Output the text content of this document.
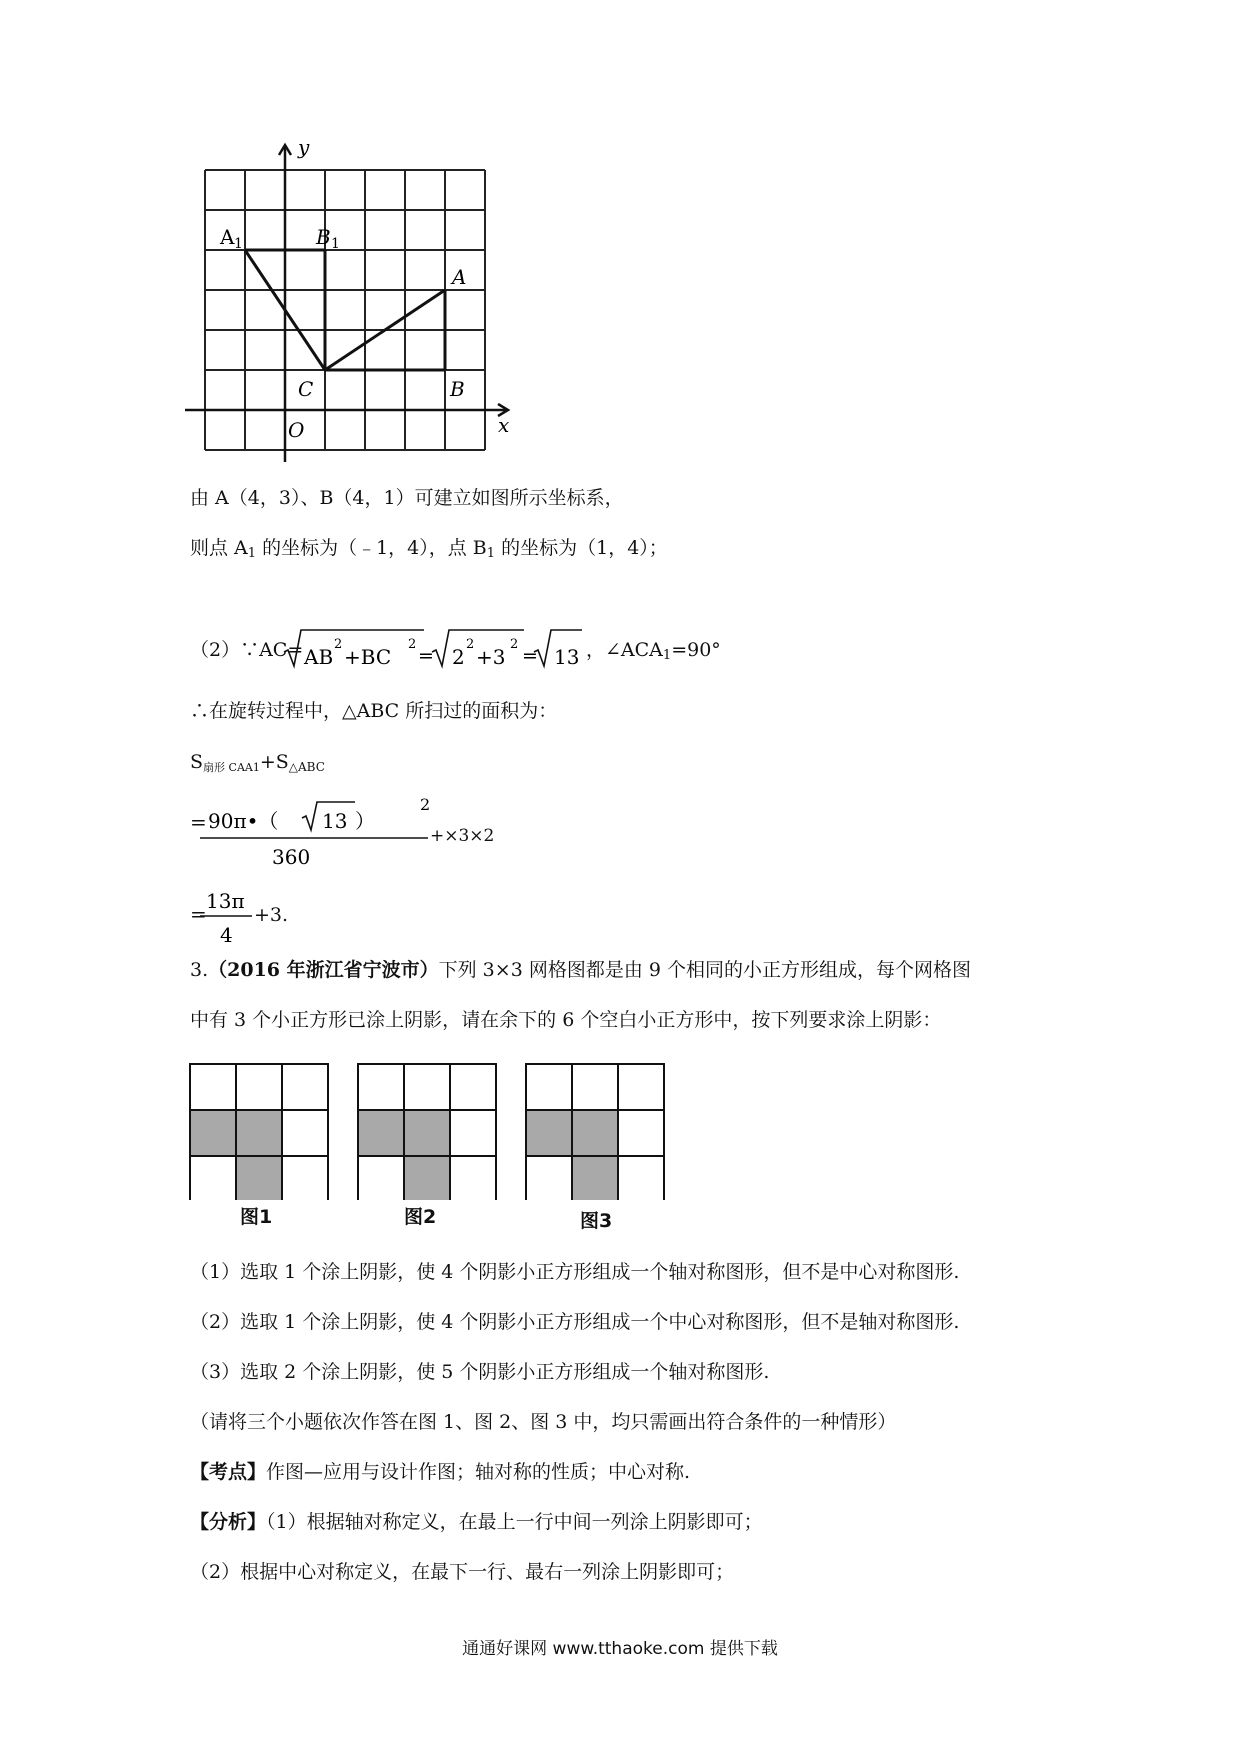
y
x
O
A 1	B 1
A
B
C
由 A（4，3）、B（4，1）可建立如图所示坐标系，
则点 $A_1$ 的坐标为（﹣1，4），点 $B_1$ 的坐标为（1，4）；
（2）∵AC= AB
2
+BC
2
= 2
2
+3
2
= 13 ，$\angle ACA_1=90^\circ$
∴在旋转过程中，△ABC 所扫过的面积为：
$S_{扇形 CAA1}+S_{\triangle ABC}$
= 90π•（ 13 ）
2
360
+×3×2
=
13π
4
+3.
3.（2016 年浙江省宁波市）下列 3×3 网格图都是由 9 个相同的小正方形组成，每个网格图
中有 3 个小正方形已涂上阴影，请在余下的 6 个空白小正方形中，按下列要求涂上阴影：
图1	图2	图3
（1）选取 1 个涂上阴影，使 4 个阴影小正方形组成一个轴对称图形，但不是中心对称图形.
（2）选取 1 个涂上阴影，使 4 个阴影小正方形组成一个中心对称图形，但不是轴对称图形.
（3）选取 2 个涂上阴影，使 5 个阴影小正方形组成一个轴对称图形.
（请将三个小题依次作答在图 1、图 2、图 3 中，均只需画出符合条件的一种情形）
【考点】作图—应用与设计作图；轴对称的性质；中心对称.
【分析】（1）根据轴对称定义，在最上一行中间一列涂上阴影即可；
（2）根据中心对称定义，在最下一行、最右一列涂上阴影即可；
通通好课网 www.tthaoke.com 提供下载
